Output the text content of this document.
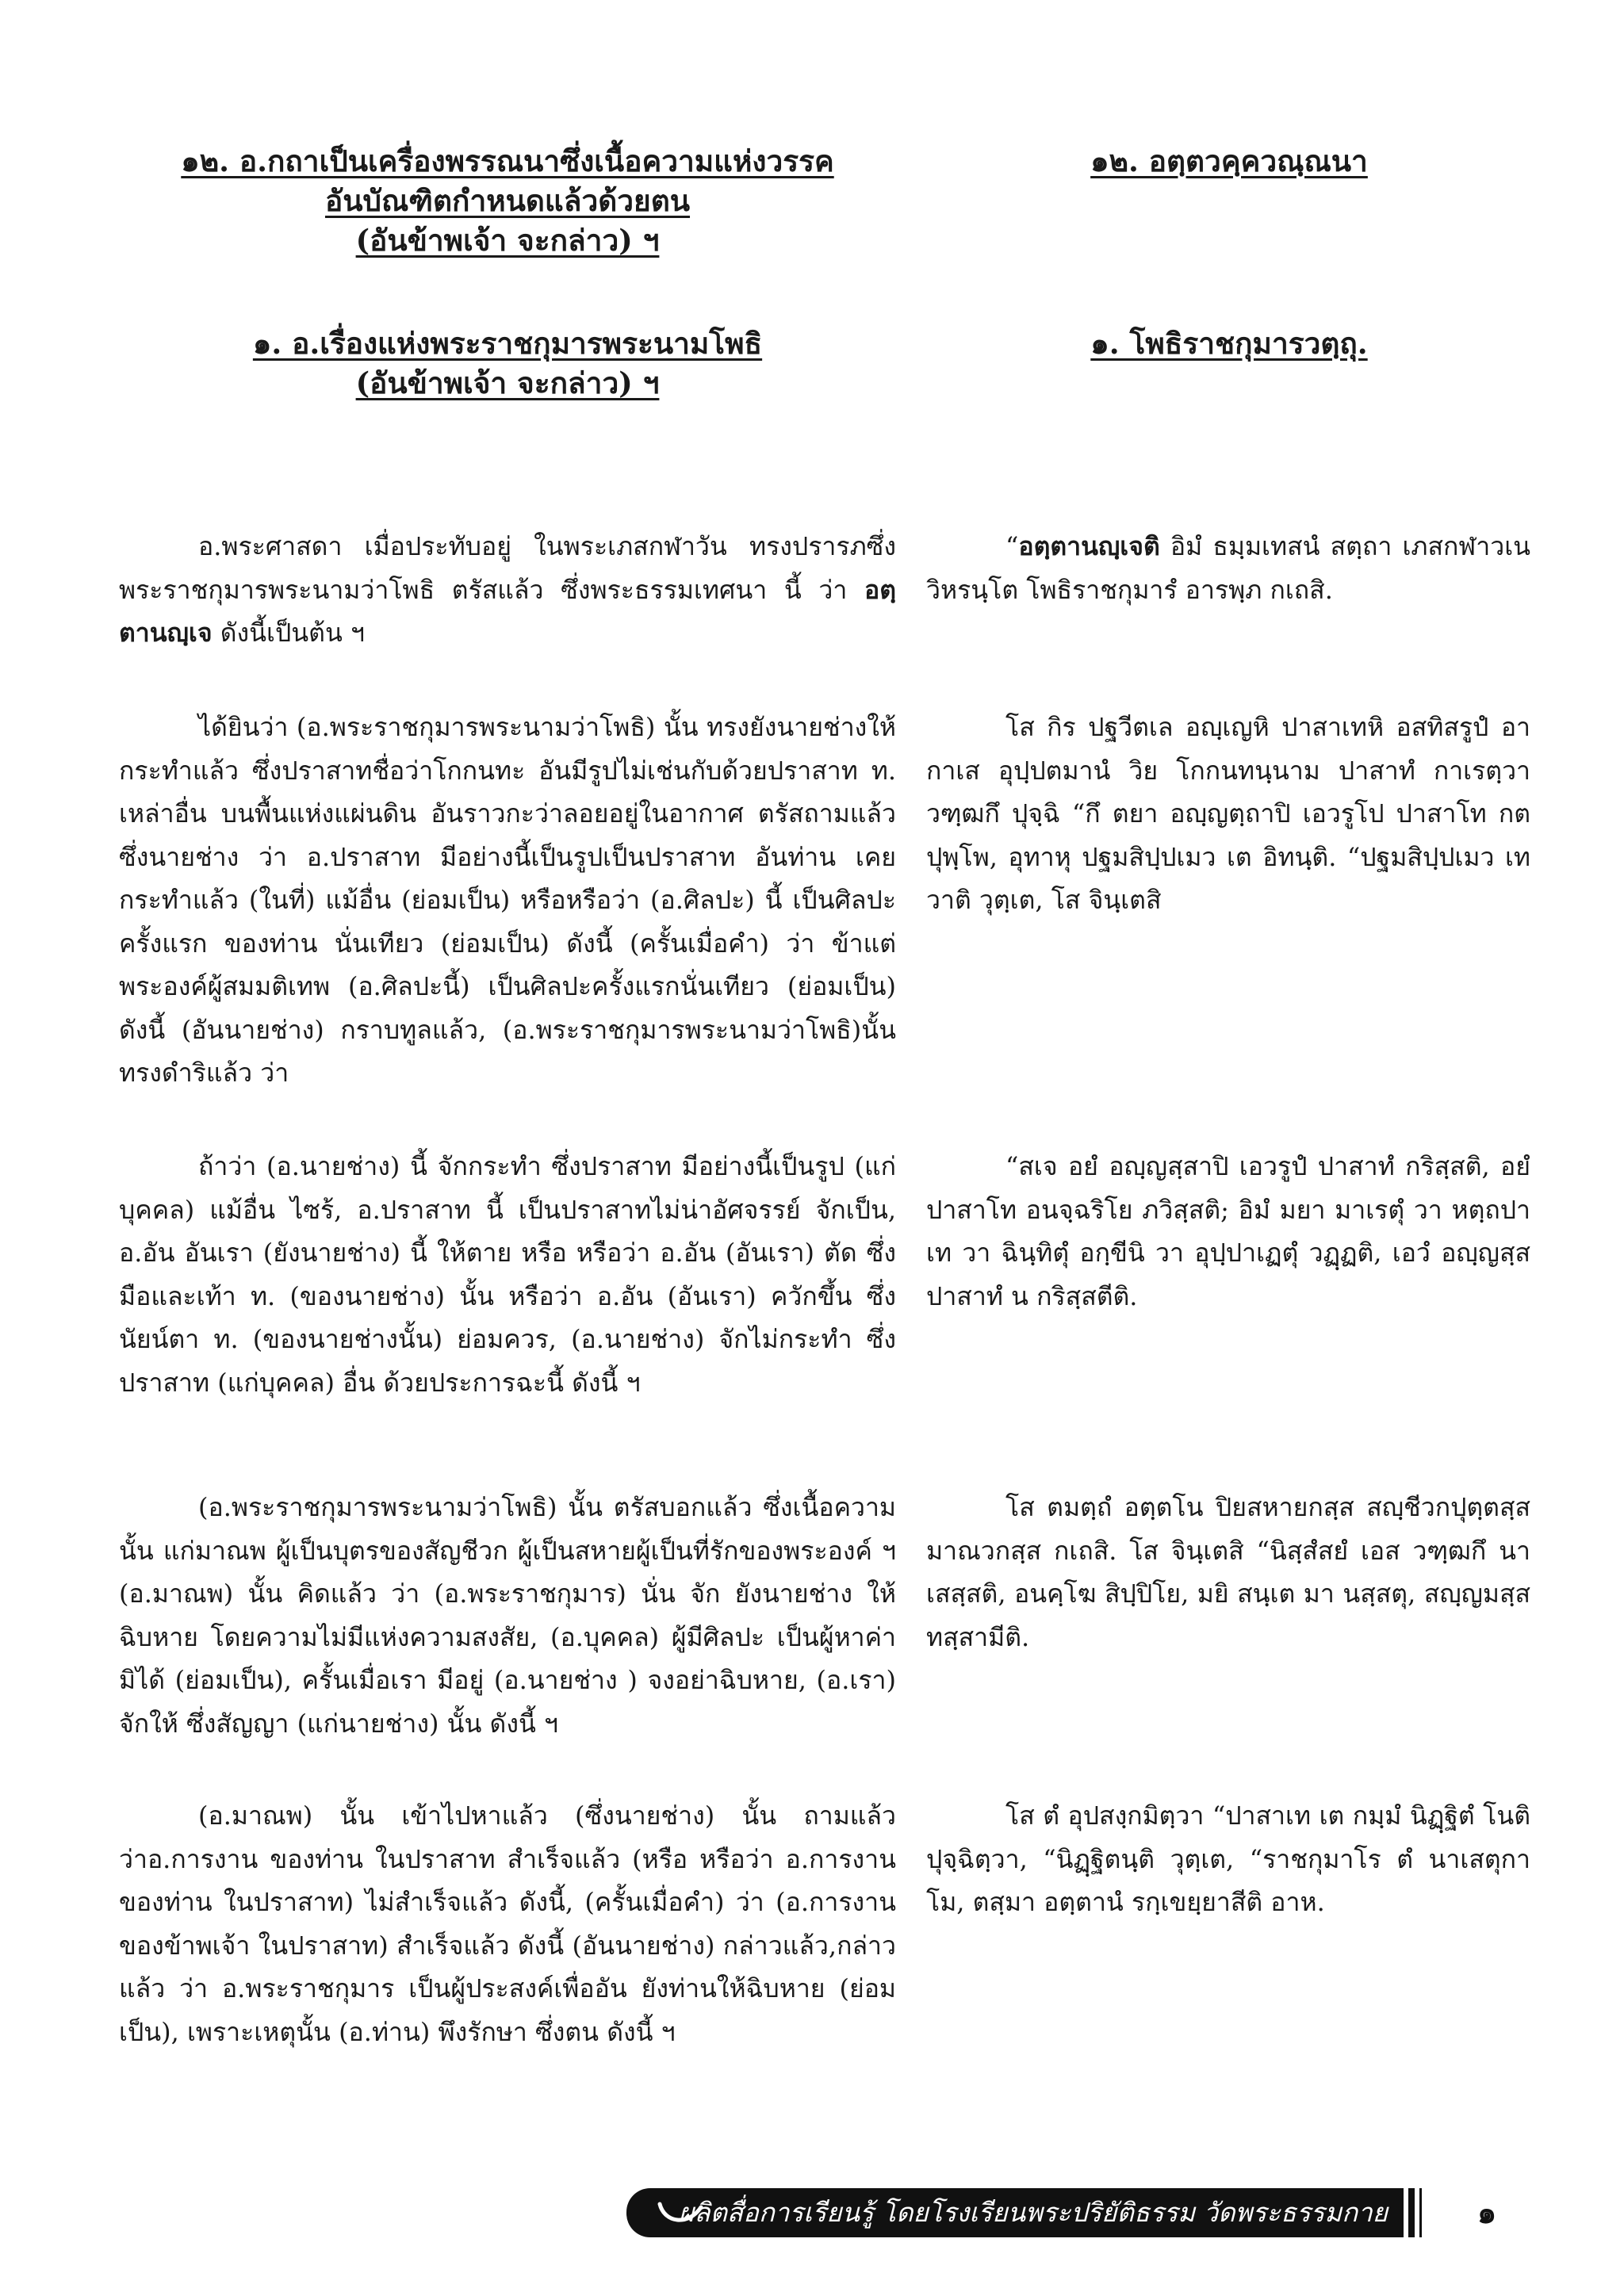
๑๒. อ.กถาเป็นเครื่องพรรณนาซึ่งเนื้อความแห่งวรรค
อันบัณฑิตกำหนดแล้วด้วยตน
(อันข้าพเจ้า จะกล่าว) ฯ
๑. อ.เรื่องแห่งพระราชกุมารพระนามโพธิ
(อันข้าพเจ้า จะกล่าว) ฯ
๑๒. อตฺตวคฺควณฺณนา
๑. โพธิราชกุมารวตฺถุ.

อ.พระศาสดา เมื่อประทับอยู่ ในพระเภสกฬาวัน ทรงปรารภซึ่งพระราชกุมารพระนามว่าโพธิ ตรัสแล้ว ซึ่งพระธรรมเทศนา นี้ ว่า อตฺตานญฺเจ ดังนี้เป็นต้น ฯ

ได้ยินว่า (อ.พระราชกุมารพระนามว่าโพธิ) นั้น ทรงยังนายช่างให้กระทำแล้ว ซึ่งปราสาทชื่อว่าโกกนทะ อันมีรูปไม่เช่นกับด้วยปราสาท ท. เหล่าอื่น บนพื้นแห่งแผ่นดิน อันราวกะว่าลอยอยู่ในอากาศ ตรัสถามแล้ว ซึ่งนายช่าง ว่า อ.ปราสาท มีอย่างนี้เป็นรูปเป็นปราสาท อันท่าน เคยกระทำแล้ว (ในที่) แม้อื่น (ย่อมเป็น) หรือหรือว่า (อ.ศิลปะ) นี้ เป็นศิลปะครั้งแรก ของท่าน นั่นเทียว (ย่อมเป็น) ดังนี้ (ครั้นเมื่อคำ) ว่า ข้าแต่พระองค์ผู้สมมติเทพ (อ.ศิลปะนี้) เป็นศิลปะครั้งแรกนั่นเทียว (ย่อมเป็น) ดังนี้ (อันนายช่าง) กราบทูลแล้ว, (อ.พระราชกุมารพระนามว่าโพธิ)นั้น ทรงดำริแล้ว ว่า

ถ้าว่า (อ.นายช่าง) นี้ จักกระทำ ซึ่งปราสาท มีอย่างนี้เป็นรูป (แก่บุคคล) แม้อื่น ไซร้, อ.ปราสาท นี้ เป็นปราสาทไม่น่าอัศจรรย์ จักเป็น, อ.อัน อันเรา (ยังนายช่าง) นี้ ให้ตาย หรือ หรือว่า อ.อัน (อันเรา) ตัด ซึ่งมือและเท้า ท. (ของนายช่าง) นั้น หรือว่า อ.อัน (อันเรา) ควักขึ้น ซึ่งนัยน์ตา ท. (ของนายช่างนั้น) ย่อมควร, (อ.นายช่าง) จักไม่กระทำ ซึ่งปราสาท (แก่บุคคล) อื่น ด้วยประการฉะนี้ ดังนี้ ฯ

(อ.พระราชกุมารพระนามว่าโพธิ) นั้น ตรัสบอกแล้ว ซึ่งเนื้อความ นั้น แก่มาณพ ผู้เป็นบุตรของสัญชีวก ผู้เป็นสหายผู้เป็นที่รักของพระองค์ ฯ (อ.มาณพ) นั้น คิดแล้ว ว่า (อ.พระราชกุมาร) นั่น จัก ยังนายช่าง ให้ฉิบหาย โดยความไม่มีแห่งความสงสัย, (อ.บุคคล) ผู้มีศิลปะ เป็นผู้หาค่ามิได้ (ย่อมเป็น), ครั้นเมื่อเรา มีอยู่ (อ.นายช่าง ) จงอย่าฉิบหาย, (อ.เรา) จักให้ ซึ่งสัญญา (แก่นายช่าง) นั้น ดังนี้ ฯ

(อ.มาณพ) นั้น เข้าไปหาแล้ว (ซึ่งนายช่าง) นั้น ถามแล้ว ว่าอ.การงาน ของท่าน ในปราสาท สำเร็จแล้ว (หรือ หรือว่า อ.การงานของท่าน ในปราสาท) ไม่สำเร็จแล้ว ดังนี้, (ครั้นเมื่อคำ) ว่า (อ.การงานของข้าพเจ้า ในปราสาท) สำเร็จแล้ว ดังนี้ (อันนายช่าง) กล่าวแล้ว,กล่าวแล้ว ว่า อ.พระราชกุมาร เป็นผู้ประสงค์เพื่ออัน ยังท่านให้ฉิบหาย (ย่อมเป็น), เพราะเหตุนั้น (อ.ท่าน) พึงรักษา ซึ่งตน ดังนี้ ฯ

“อตฺตานญฺเจติ อิมํ ธมฺมเทสนํ สตฺถา เภสกฬาวเน วิหรนฺโต โพธิราชกุมารํ อารพฺภ กเถสิ.

โส กิร ปฐวีตเล อญฺเญหิ ปาสาเทหิ อสทิสรูปํ อากาเส อุปฺปตมานํ วิย โกกนทนฺนาม ปาสาทํ กาเรตฺวา วฑฺฒกึ ปุจฺฉิ “กึ ตยา อญฺญตฺถาปิ เอวรูโป ปาสาโท กตปุพฺโพ, อุทาหุ ปฐมสิปฺปเมว เต อิทนฺติ. “ปฐมสิปฺปเมว เทวาติ วุตฺเต, โส จินฺเตสิ

“สเจ อยํ อญฺญสฺสาปิ เอวรูปํ ปาสาทํ กริสฺสติ, อยํ ปาสาโท อนจฺฉริโย ภวิสฺสติ; อิมํ มยา มาเรตุํ วา หตฺถปาเท วา ฉินฺทิตุํ อกฺขีนิ วา อุปฺปาเฏตุํ วฏฺฏติ, เอวํ อญฺญสฺส ปาสาทํ น กริสฺสตีติ.

โส ตมตฺถํ อตฺตโน ปิยสหายกสฺส สญฺชีวกปุตฺตสฺส มาณวกสฺส กเถสิ. โส จินฺเตสิ “นิสฺสํสยํ เอส วฑฺฒกึ นาเสสฺสติ, อนคฺโฆ สิปฺปิโย, มยิ สนฺเต มา นสฺสตุ, สญฺญมสฺส ทสฺสามีติ.

โส ตํ อุปสงฺกมิตฺวา “ปาสาเท เต กมฺมํ นิฏฺฐิตํ โนติ ปุจฺฉิตฺวา, “นิฏฺฐิตนฺติ วุตฺเต, “ราชกุมาโร ตํ นาเสตุกาโม, ตสฺมา อตฺตานํ รกฺเขยฺยาสีติ อาห.

ผลิตสื่อการเรียนรู้ โดยโรงเรียนพระปริยัติธรรม วัดพระธรรมกาย	๑
